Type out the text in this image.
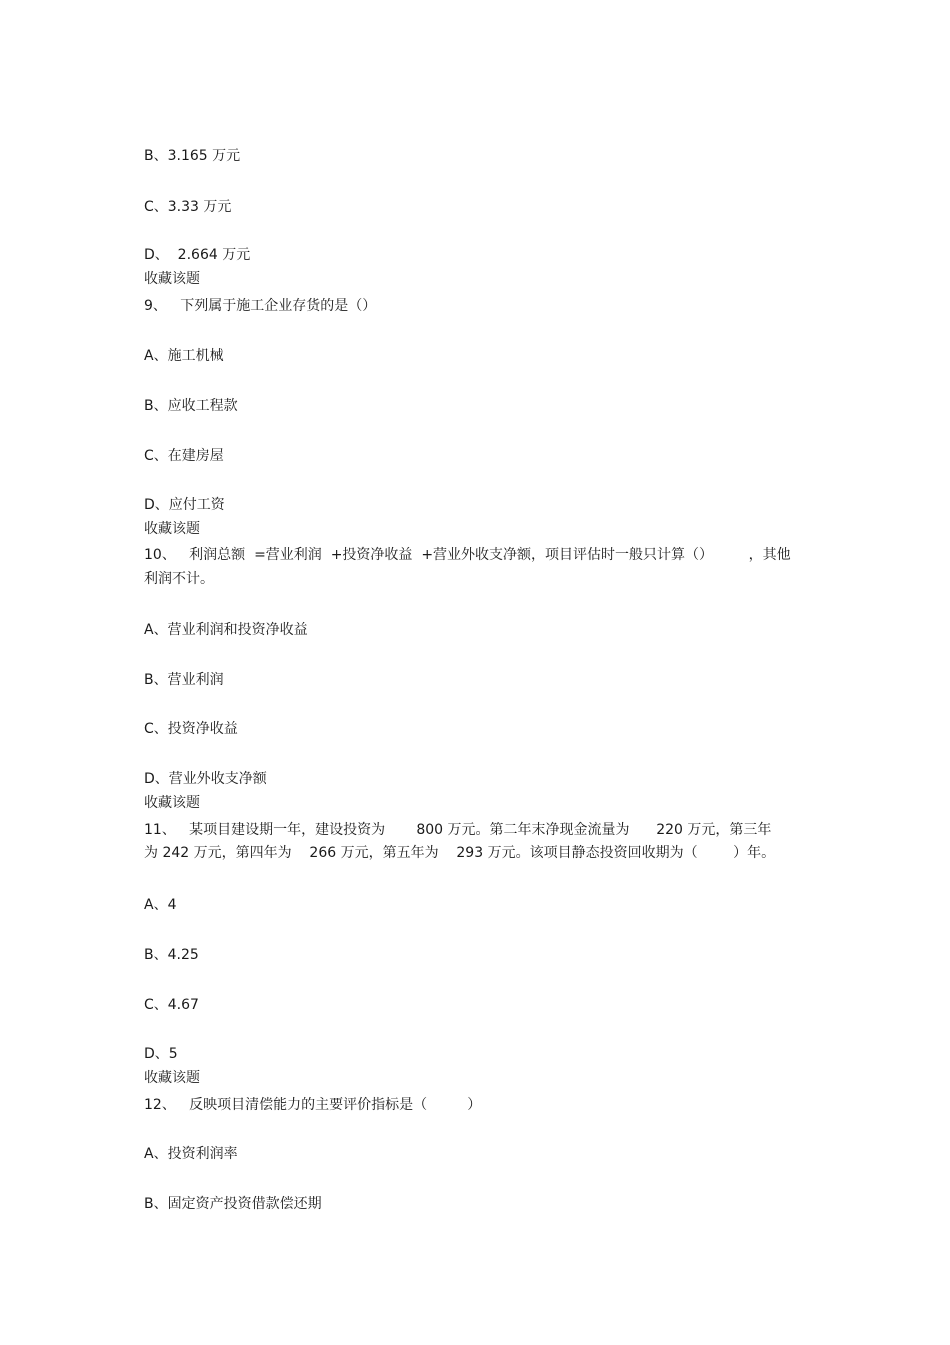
B、3.165 万元
C、3.33 万元
D、  2.664 万元
收藏该题
9、   下列属于施工企业存货的是（）
A、施工机械
B、应收工程款
C、在建房屋
D、应付工资
收藏该题
10、   利润总额  =营业利润  +投资净收益  +营业外收支净额，项目评估时一般只计算（）        ，其他
利润不计。
A、营业利润和投资净收益
B、营业利润
C、投资净收益
D、营业外收支净额
收藏该题
11、   某项目建设期一年，建设投资为       800 万元。第二年末净现金流量为      220 万元，第三年
为 242 万元，第四年为    266 万元，第五年为    293 万元。该项目静态投资回收期为（        ）年。
A、4
B、4.25
C、4.67
D、5
收藏该题
12、   反映项目清偿能力的主要评价指标是（         ）
A、投资利润率
B、固定资产投资借款偿还期
